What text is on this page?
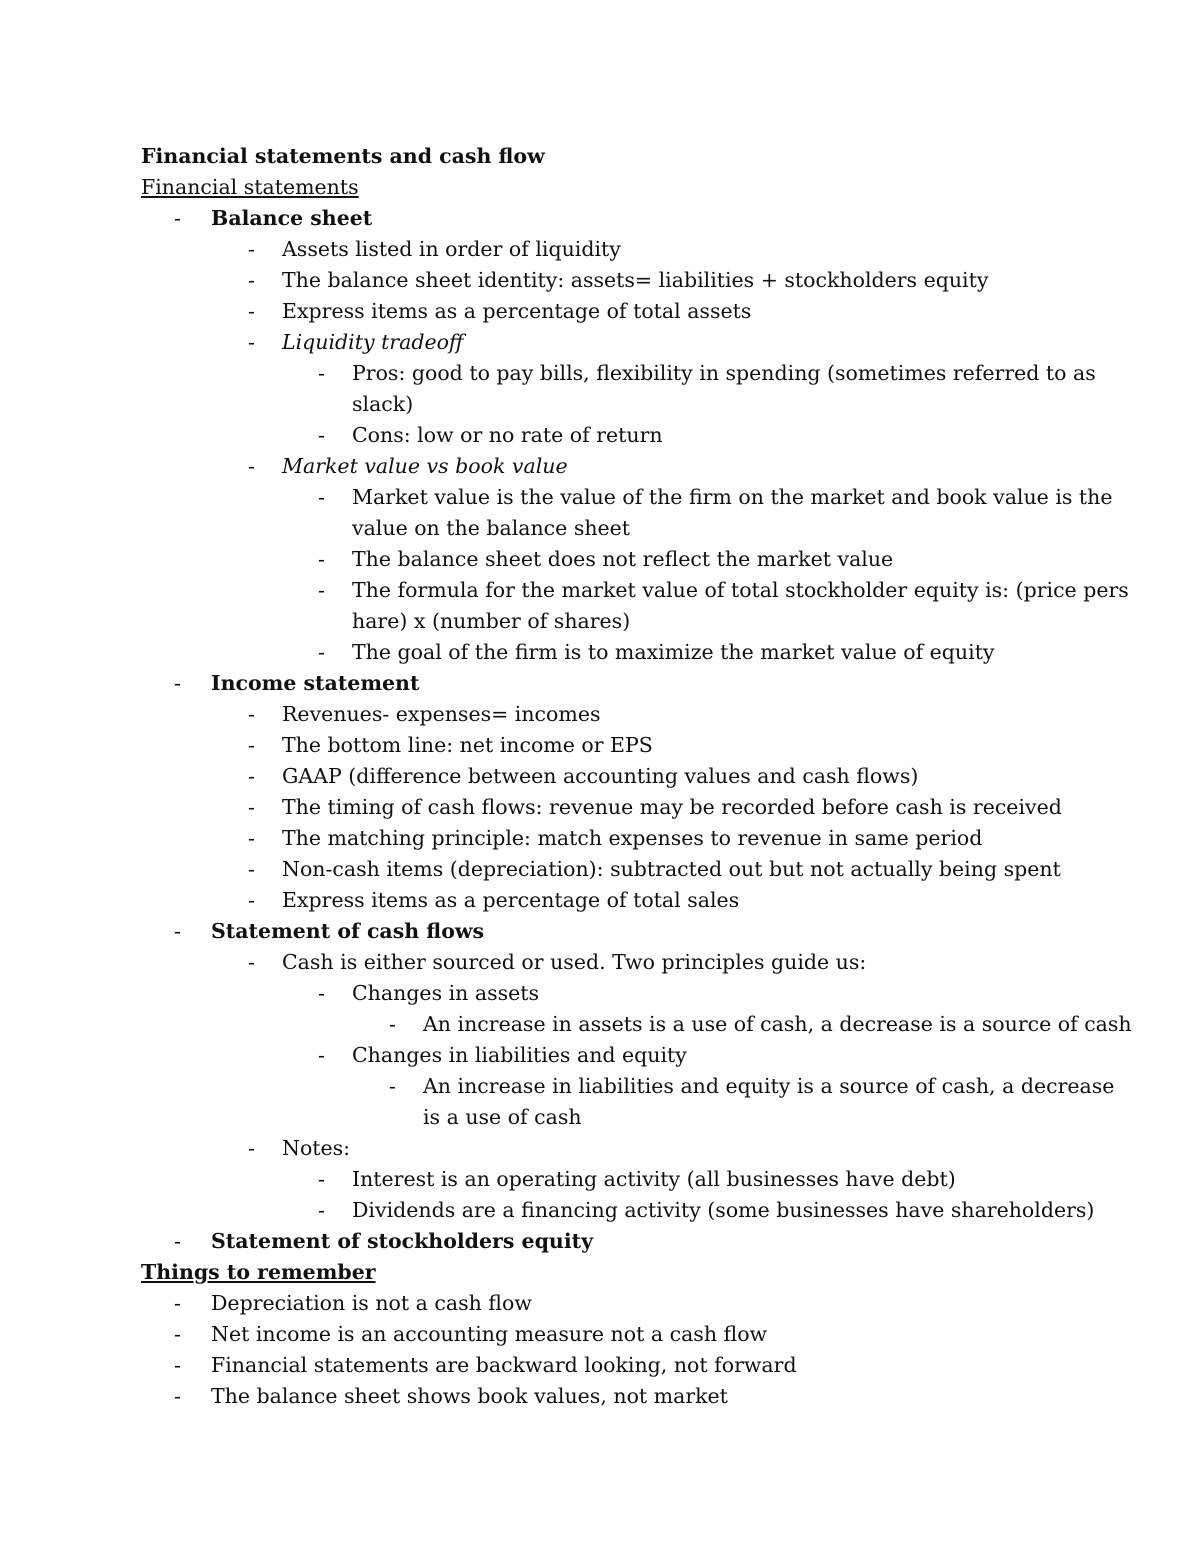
Financial statements and cash flow
Financial statements
- Balance sheet
- Assets listed in order of liquidity
- The balance sheet identity: assets= liabilities + stockholders equity
- Express items as a percentage of total assets
- Liquidity tradeoff
- Pros: good to pay bills, flexibility in spending (sometimes referred to as
slack)
- Cons: low or no rate of return
- Market value vs book value
- Market value is the value of the firm on the market and book value is the
value on the balance sheet
- The balance sheet does not reflect the market value
- The formula for the market value of total stockholder equity is: (price pers
hare) x (number of shares)
- The goal of the firm is to maximize the market value of equity
- Income statement
- Revenues- expenses= incomes
- The bottom line: net income or EPS
- GAAP (difference between accounting values and cash flows)
- The timing of cash flows: revenue may be recorded before cash is received
- The matching principle: match expenses to revenue in same period
- Non-cash items (depreciation): subtracted out but not actually being spent
- Express items as a percentage of total sales
- Statement of cash flows
- Cash is either sourced or used. Two principles guide us:
- Changes in assets
- An increase in assets is a use of cash, a decrease is a source of cash
- Changes in liabilities and equity
- An increase in liabilities and equity is a source of cash, a decrease
is a use of cash
- Notes:
- Interest is an operating activity (all businesses have debt)
- Dividends are a financing activity (some businesses have shareholders)
- Statement of stockholders equity
Things to remember
- Depreciation is not a cash flow
- Net income is an accounting measure not a cash flow
- Financial statements are backward looking, not forward
- The balance sheet shows book values, not market
